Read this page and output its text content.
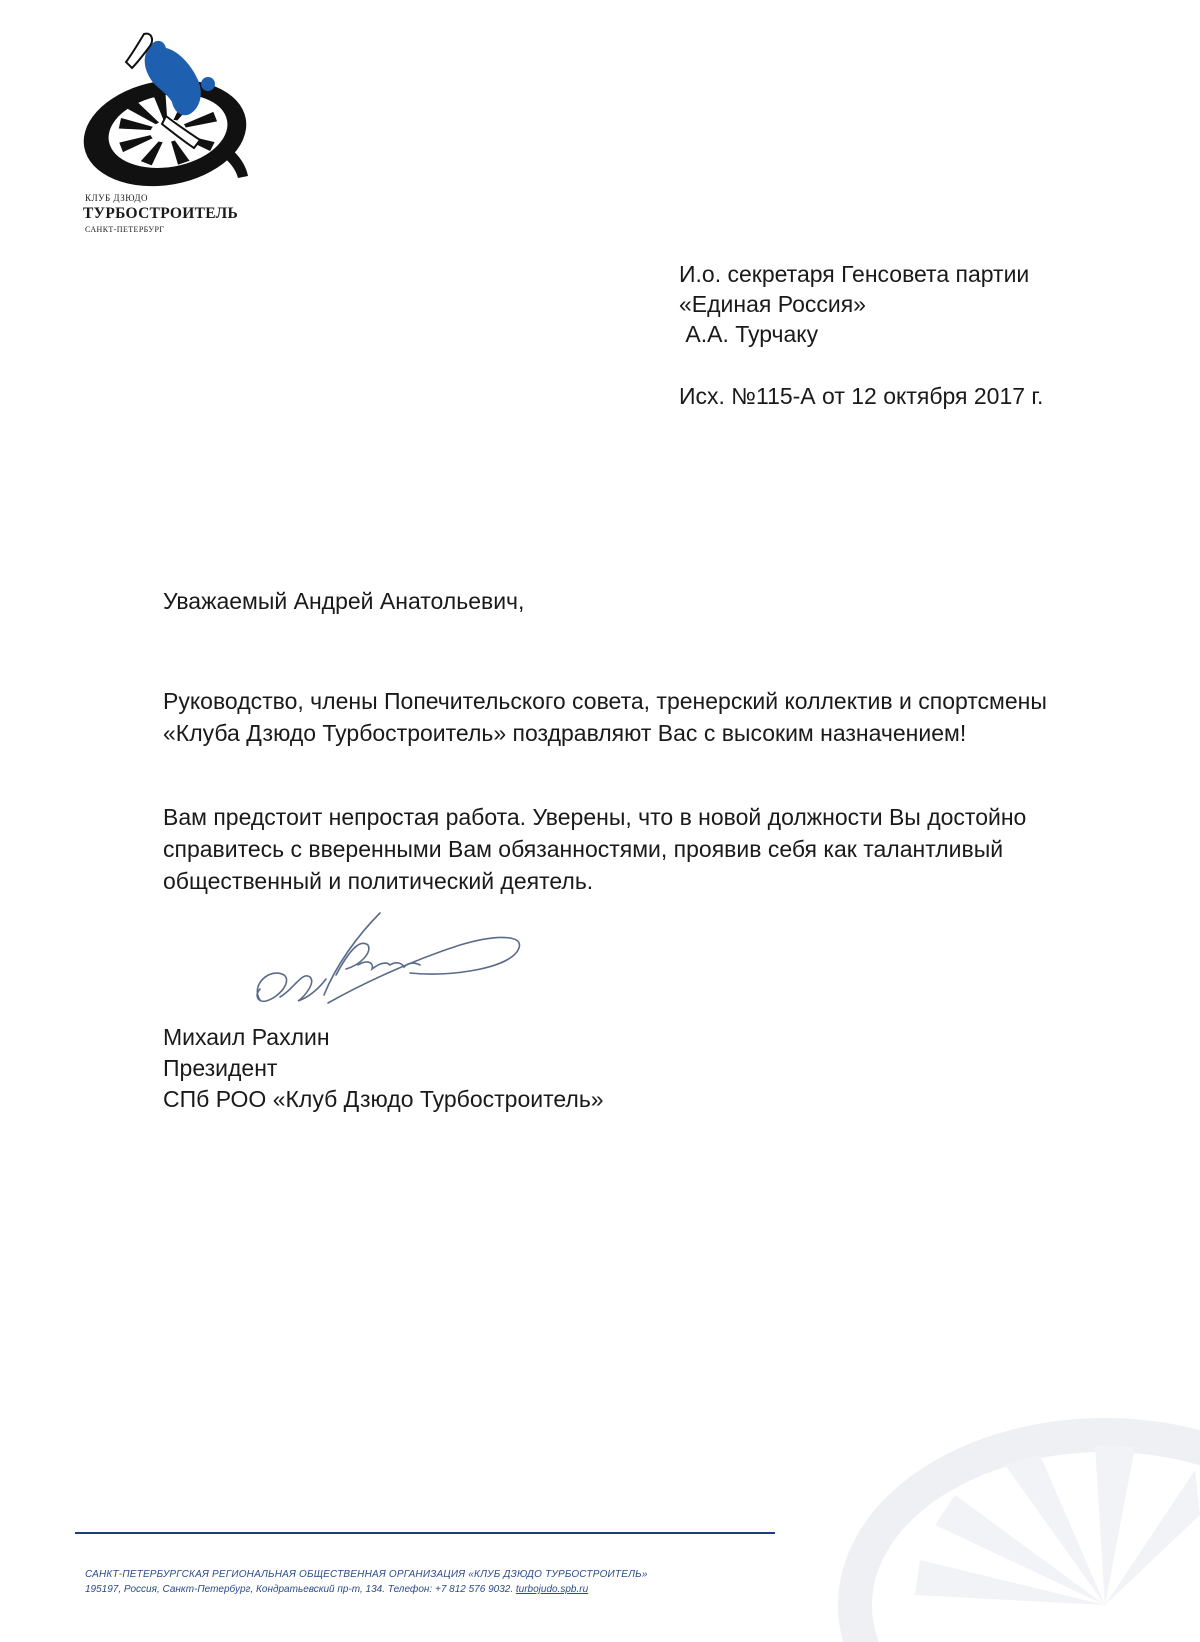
КЛУБ ДЗЮДО
ТУРБОСТРОИТЕЛЬ
САНКТ-ПЕТЕРБУРГ
И.о. секретаря Генсовета партии
«Единая Россия»
А.А. Турчаку
Исх. №115-А от 12 октября 2017 г.
Уважаемый Андрей Анатольевич,
Руководство, члены Попечительского совета, тренерский коллектив и спортсмены «Клуба Дзюдо Турбостроитель» поздравляют Вас с высоким назначением!
Вам предстоит непростая работа. Уверены, что в новой должности Вы достойно справитесь с вверенными Вам обязанностями, проявив себя как талантливый общественный и политический деятель.
Михаил Рахлин
Президент
СПб РОО «Клуб Дзюдо Турбостроитель»
САНКТ-ПЕТЕРБУРГСКАЯ РЕГИОНАЛЬНАЯ ОБЩЕСТВЕННАЯ ОРГАНИЗАЦИЯ «КЛУБ ДЗЮДО ТУРБОСТРОИТЕЛЬ»
195197, Россия, Санкт-Петербург, Кондратьевский пр-т, 134. Телефон: +7 812 576 9032. turbojudo.spb.ru
